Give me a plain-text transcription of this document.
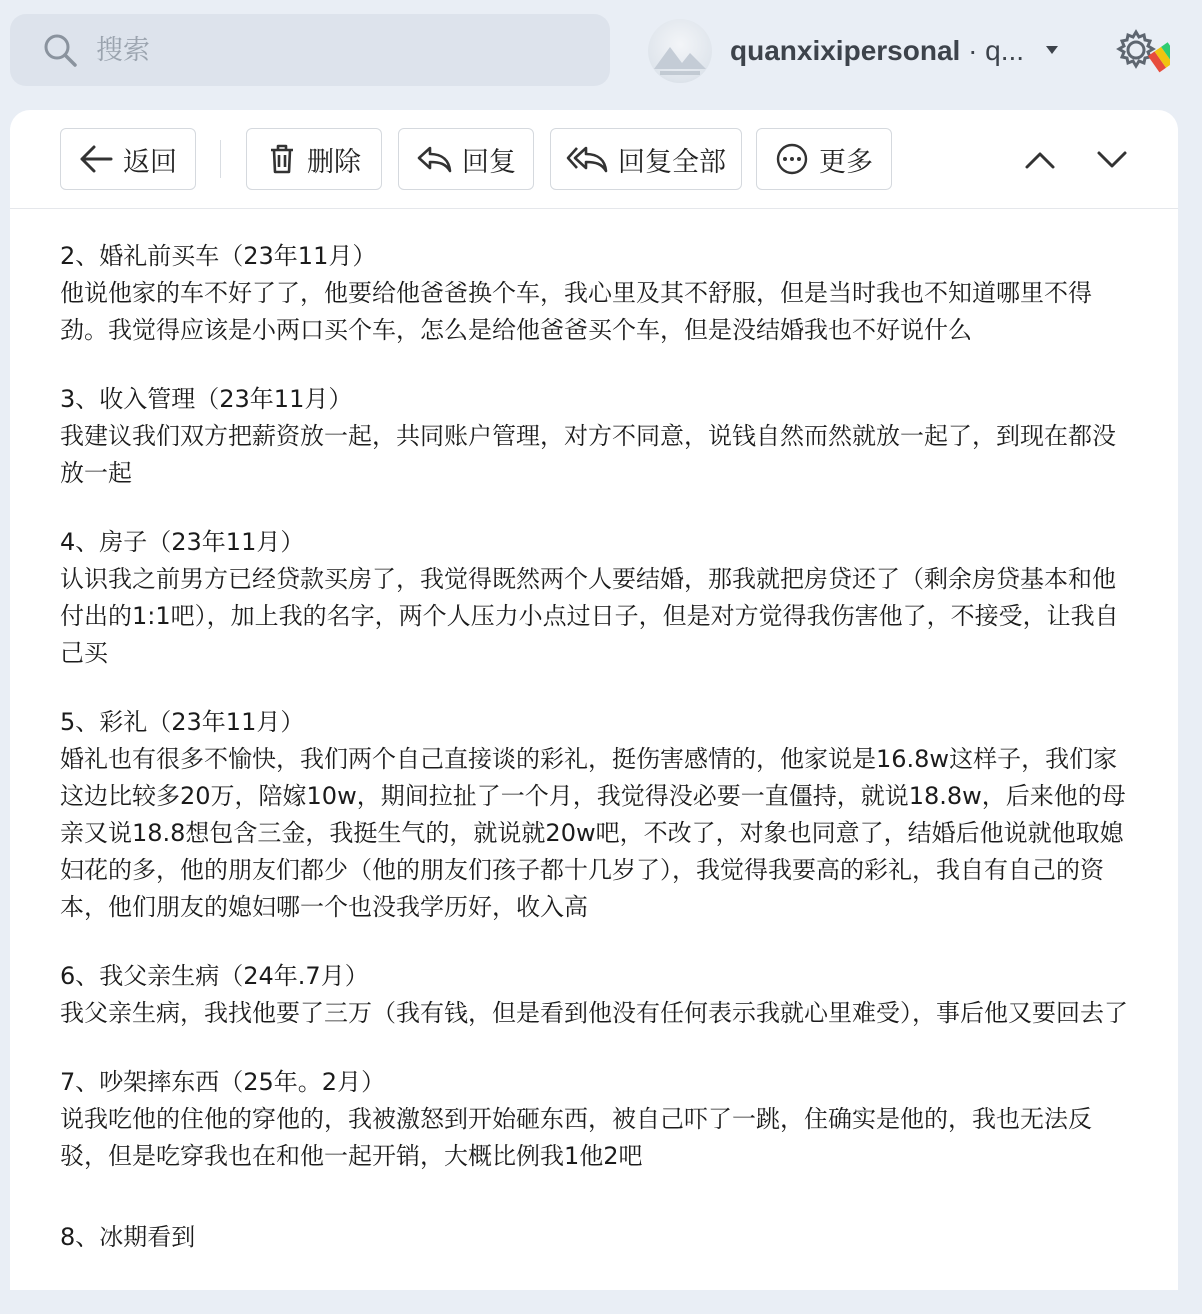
搜索
quanxixipersonal · q...
返回	删除	回复	回复全部	更多

2、婚礼前买车（23年11月）

他说他家的车不好了了，他要给他爸爸换个车，我心里及其不舒服，但是当时我也不知道哪里不得劲。我觉得应该是小两口买个车，怎么是给他爸爸买个车，但是没结婚我也不好说什么

3、收入管理（23年11月）

我建议我们双方把薪资放一起，共同账户管理，对方不同意，说钱自然而然就放一起了，到现在都没放一起

4、房子（23年11月）

认识我之前男方已经贷款买房了，我觉得既然两个人要结婚，那我就把房贷还了（剩余房贷基本和他付出的1:1吧），加上我的名字，两个人压力小点过日子，但是对方觉得我伤害他了，不接受，让我自己买

5、彩礼（23年11月）

婚礼也有很多不愉快，我们两个自己直接谈的彩礼，挺伤害感情的，他家说是16.8w这样子，我们家这边比较多20万，陪嫁10w，期间拉扯了一个月，我觉得没必要一直僵持，就说18.8w，后来他的母亲又说18.8想包含三金，我挺生气的，就说就20w吧，不改了，对象也同意了，结婚后他说就他取媳妇花的多，他的朋友们都少（他的朋友们孩子都十几岁了），我觉得我要高的彩礼，我自有自己的资本，他们朋友的媳妇哪一个也没我学历好，收入高

6、我父亲生病（24年.7月）

我父亲生病，我找他要了三万（我有钱，但是看到他没有任何表示我就心里难受），事后他又要回去了

7、吵架摔东西（25年。2月）

说我吃他的住他的穿他的，我被激怒到开始砸东西，被自己吓了一跳，住确实是他的，我也无法反驳，但是吃穿我也在和他一起开销，大概比例我1他2吧

8、冰期看到
